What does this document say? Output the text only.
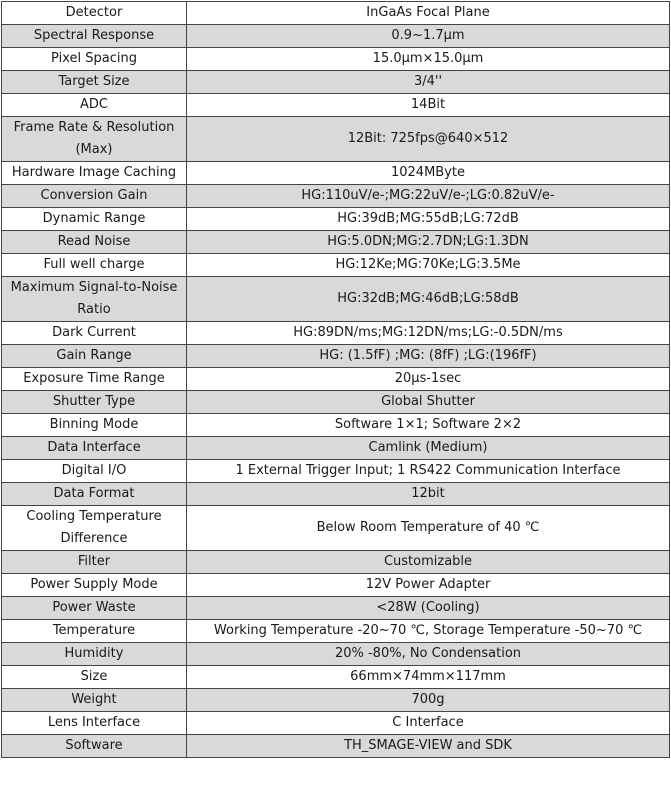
Detector	InGaAs Focal Plane
Spectral Response	0.9~1.7μm
Pixel Spacing	15.0μm×15.0μm
Target Size	3/4''
ADC	14Bit
Frame Rate & Resolution (Max)	12Bit: 725fps@640×512
Hardware Image Caching	1024MByte
Conversion Gain	HG:110uV/e-;MG:22uV/e-;LG:0.82uV/e-
Dynamic Range	HG:39dB;MG:55dB;LG:72dB
Read Noise	HG:5.0DN;MG:2.7DN;LG:1.3DN
Full well charge	HG:12Ke;MG:70Ke;LG:3.5Me
Maximum Signal-to-Noise Ratio	HG:32dB;MG:46dB;LG:58dB
Dark Current	HG:89DN/ms;MG:12DN/ms;LG:-0.5DN/ms
Gain Range	HG: (1.5fF) ;MG: (8fF) ;LG:(196fF)
Exposure Time Range	20μs-1sec
Shutter Type	Global Shutter
Binning Mode	Software 1×1; Software 2×2
Data Interface	Camlink (Medium)
Digital I/O	1 External Trigger Input; 1 RS422 Communication Interface
Data Format	12bit
Cooling Temperature Difference	Below Room Temperature of 40 ℃
Filter	Customizable
Power Supply Mode	12V Power Adapter
Power Waste	<28W (Cooling)
Temperature	Working Temperature -20~70 ℃, Storage Temperature -50~70 ℃
Humidity	20% -80%, No Condensation
Size	66mm×74mm×117mm
Weight	700g
Lens Interface	C Interface
Software	TH_SMAGE-VIEW and SDK
